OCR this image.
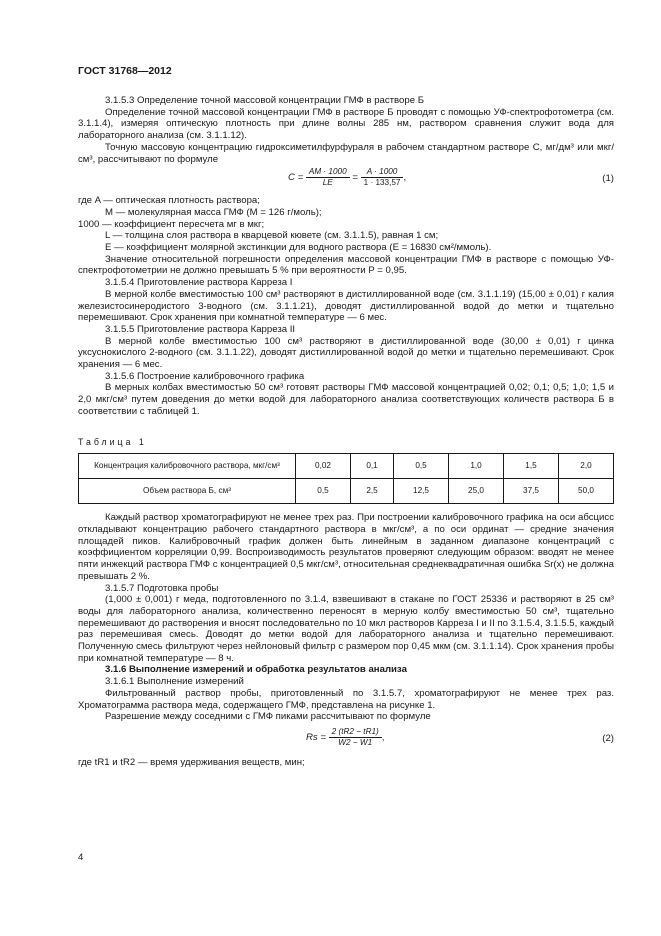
ГОСТ 31768—2012

3.1.5.3 Определение точной массовой концентрации ГМФ в растворе Б

Определение точной массовой концентрации ГМФ в растворе Б проводят с помощью УФ-спектрофотометра (см. 3.1.1.4), измеряя оптическую плотность при длине волны 285 нм, раствором сравнения служит вода для лабораторного анализа (см. 3.1.1.12).

Точную массовую концентрацию гидроксиметилфурфураля в рабочем стандартном растворе С, мг/дм³ или мкг/см³, рассчитывают по формуле

$C = \frac{AM \cdot 1000}{LE} = \frac{A \cdot 1000}{1 \cdot 133,57}$ ,	(1)

где A — оптическая плотность раствора;

M — молекулярная масса ГМФ (M = 126 г/моль);

1000 — коэффициент пересчета мг в мкг;

L — толщина слоя раствора в кварцевой кювете (см. 3.1.1.5), равная 1 см;

E — коэффициент молярной экстинкции для водного раствора (E = 16830 см²/ммоль).

Значение относительной погрешности определения массовой концентрации ГМФ в растворе с помощью УФ-спектрофотометрии не должно превышать 5 % при вероятности P = 0,95.

3.1.5.4 Приготовление раствора Карреза I

В мерной колбе вместимостью 100 см³ растворяют в дистиллированной воде (см. 3.1.1.19) (15,00 ± 0,01) г калия железистосинеродистого 3-водного (см. 3.1.1.21), доводят дистиллированной водой до метки и тщательно перемешивают. Срок хранения при комнатной температуре — 6 мес.

3.1.5.5 Приготовление раствора Карреза II

В мерной колбе вместимостью 100 см³ растворяют в дистиллированной воде (30,00 ± 0,01) г цинка уксуснокислого 2-водного (см. 3.1.1.22), доводят дистиллированной водой до метки и тщательно перемешивают. Срок хранения — 6 мес.

3.1.5.6 Построение калибровочного графика

В мерных колбах вместимостью 50 см³ готовят растворы ГМФ массовой концентрацией 0,02; 0,1; 0,5; 1,0; 1,5 и 2,0 мкг/см³ путем доведения до метки водой для лабораторного анализа соответствующих количеств раствора Б в соответствии с таблицей 1.

Таблица 1
Концентрация калибровочного раствора, мкг/см³	0,02	0,1	0,5	1,0	1,5	2,0
Объем раствора Б, см³	0,5	2,5	12,5	25,0	37,5	50,0

Каждый раствор хроматографируют не менее трех раз. При построении калибровочного графика на оси абсцисс откладывают концентрацию рабочего стандартного раствора в мкг/см³, а по оси ординат — средние значения площадей пиков. Калибровочный график должен быть линейным в заданном диапазоне концентраций с коэффициентом корреляции 0,99. Воспроизводимость результатов проверяют следующим образом: вводят не менее пяти инжекций раствора ГМФ с концентрацией 0,5 мкг/см³, относительная среднеквадратичная ошибка Sr(x) не должна превышать 2 %.

3.1.5.7 Подготовка пробы

(1,000 ± 0,001) г меда, подготовленного по 3.1.4, взвешивают в стакане по ГОСТ 25336 и растворяют в 25 см³ воды для лабораторного анализа, количественно переносят в мерную колбу вместимостью 50 см³, тщательно перемешивают до растворения и вносят последовательно по 10 мкл растворов Карреза I и II по 3.1.5.4, 3.1.5.5, каждый раз перемешивая смесь. Доводят до метки водой для лабораторного анализа и тщательно перемешивают. Полученную смесь фильтруют через нейлоновый фильтр с размером пор 0,45 мкм (см. 3.1.1.14). Срок хранения пробы при комнатной температуре — 8 ч.

3.1.6 Выполнение измерений и обработка результатов анализа

3.1.6.1 Выполнение измерений

Фильтрованный раствор пробы, приготовленный по 3.1.5.7, хроматографируют не менее трех раз. Хроматограмма раствора меда, содержащего ГМФ, представлена на рисунке 1.

Разрешение между соседними с ГМФ пиками рассчитывают по формуле

$Rs = \frac{2 (tR2 - tR1)}{W2 - W1}$ ,	(2)

где tR1 и tR2 — время удерживания веществ, мин;

4
